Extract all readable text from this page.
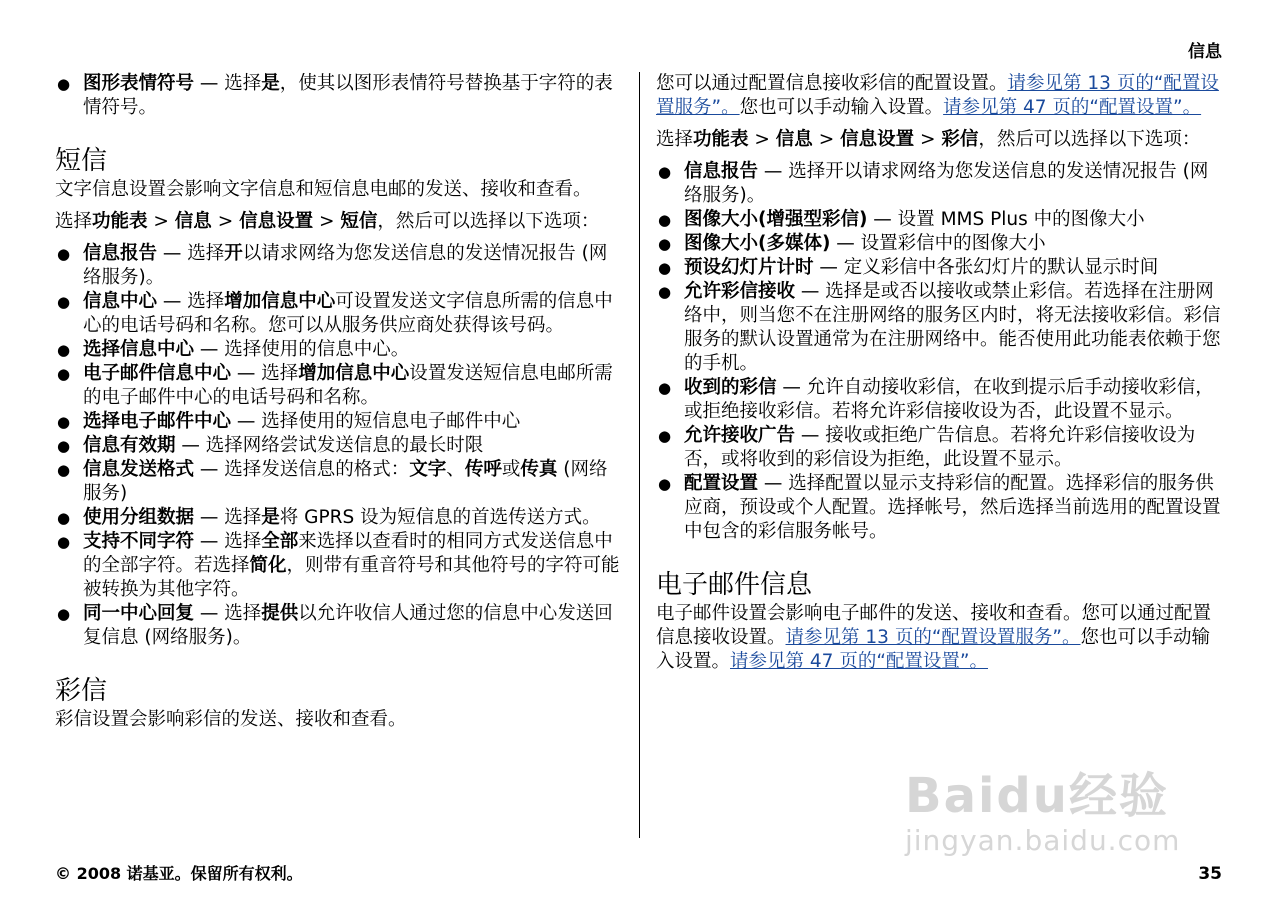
信息
● 图形表情符号 — 选择是，使其以图形表情符号替换基于字符的表情符号。
短信

文字信息设置会影响文字信息和短信息电邮的发送、接收和查看。

选择功能表 > 信息 > 信息设置 > 短信，然后可以选择以下选项：

● 信息报告 — 选择开以请求网络为您发送信息的发送情况报告 (网络服务)。
● 信息中心 — 选择增加信息中心可设置发送文字信息所需的信息中心的电话号码和名称。您可以从服务供应商处获得该号码。
● 选择信息中心 — 选择使用的信息中心。
● 电子邮件信息中心 — 选择增加信息中心设置发送短信息电邮所需的电子邮件中心的电话号码和名称。
● 选择电子邮件中心 — 选择使用的短信息电子邮件中心
● 信息有效期 — 选择网络尝试发送信息的最长时限
● 信息发送格式 — 选择发送信息的格式：文字、传呼或传真 (网络服务)
● 使用分组数据 — 选择是将 GPRS 设为短信息的首选传送方式。
● 支持不同字符 — 选择全部来选择以查看时的相同方式发送信息中的全部字符。若选择简化，则带有重音符号和其他符号的字符可能被转换为其他字符。
● 同一中心回复 — 选择提供以允许收信人通过您的信息中心发送回复信息 (网络服务)。
彩信

彩信设置会影响彩信的发送、接收和查看。

您可以通过配置信息接收彩信的配置设置。请参见第 13 页的“配置设置服务”。您也可以手动输入设置。请参见第 47 页的“配置设置”。

选择功能表 > 信息 > 信息设置 > 彩信，然后可以选择以下选项：

● 信息报告 — 选择开以请求网络为您发送信息的发送情况报告 (网络服务)。
● 图像大小(增强型彩信) — 设置 MMS Plus 中的图像大小
● 图像大小(多媒体) — 设置彩信中的图像大小
● 预设幻灯片计时 — 定义彩信中各张幻灯片的默认显示时间
● 允许彩信接收 — 选择是或否以接收或禁止彩信。若选择在注册网络中，则当您不在注册网络的服务区内时，将无法接收彩信。彩信服务的默认设置通常为在注册网络中。能否使用此功能表依赖于您的手机。
● 收到的彩信 — 允许自动接收彩信，在收到提示后手动接收彩信，或拒绝接收彩信。若将允许彩信接收设为否，此设置不显示。
● 允许接收广告 — 接收或拒绝广告信息。若将允许彩信接收设为否，或将收到的彩信设为拒绝，此设置不显示。
● 配置设置 — 选择配置以显示支持彩信的配置。选择彩信的服务供应商，预设或个人配置。选择帐号，然后选择当前选用的配置设置中包含的彩信服务帐号。
电子邮件信息

电子邮件设置会影响电子邮件的发送、接收和查看。您可以通过配置信息接收设置。请参见第 13 页的“配置设置服务”。您也可以手动输入设置。请参见第 47 页的“配置设置”。

Baidu经验
jingyan.baidu.com
© 2008 诺基亚。保留所有权利。	35
